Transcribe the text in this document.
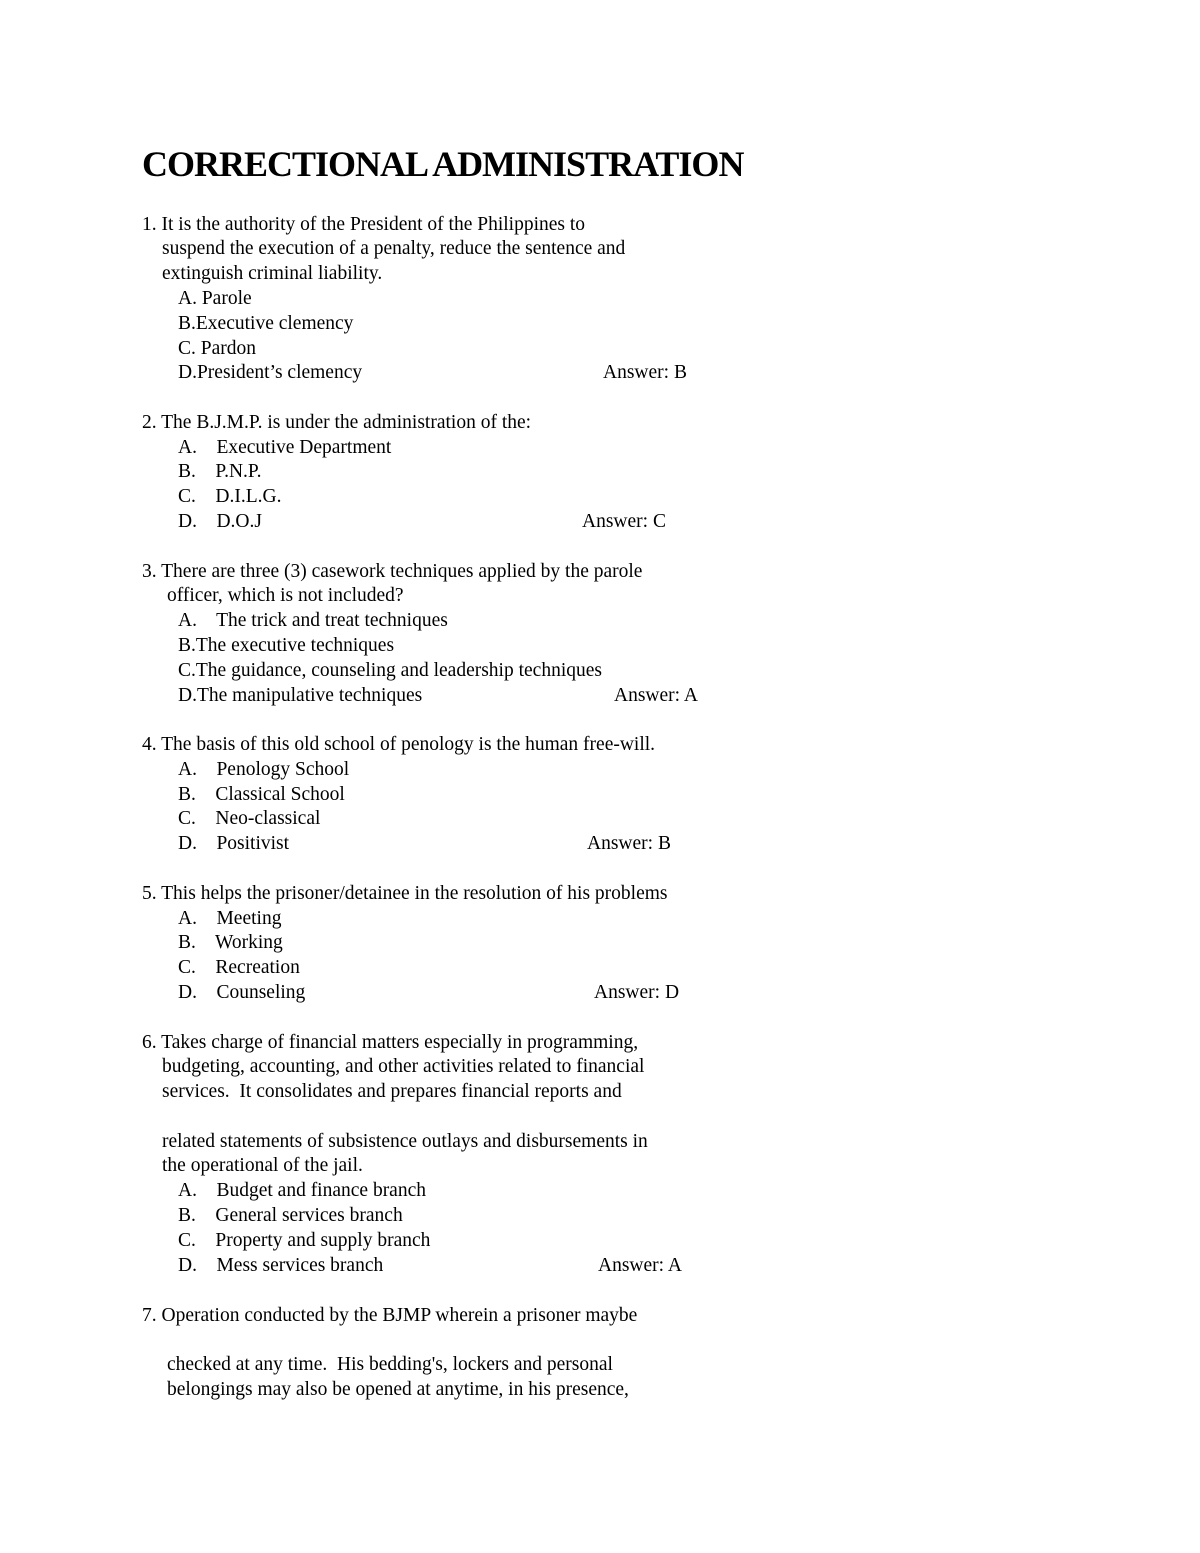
CORRECTIONAL ADMINISTRATION
1. It is the authority of the President of the Philippines to
suspend the execution of a penalty, reduce the sentence and
extinguish criminal liability.
A. Parole
B.Executive clemency
C. Pardon
D.President’s clemency	Answer: B
2. The B.J.M.P. is under the administration of the:
A.    Executive Department
B.    P.N.P.
C.    D.I.L.G.
D.    D.O.J	Answer: C
3. There are three (3) casework techniques applied by the parole
officer, which is not included?
A.    The trick and treat techniques
B.The executive techniques
C.The guidance, counseling and leadership techniques
D.The manipulative techniques	Answer: A
4. The basis of this old school of penology is the human free-will.
A.    Penology School
B.    Classical School
C.    Neo-classical
D.    Positivist	Answer: B
5. This helps the prisoner/detainee in the resolution of his problems
A.    Meeting
B.    Working
C.    Recreation
D.    Counseling	Answer: D
6. Takes charge of financial matters especially in programming,
budgeting, accounting, and other activities related to financial
services.  It consolidates and prepares financial reports and
related statements of subsistence outlays and disbursements in
the operational of the jail.
A.    Budget and finance branch
B.    General services branch
C.    Property and supply branch
D.    Mess services branch	Answer: A
7. Operation conducted by the BJMP wherein a prisoner maybe
checked at any time.  His bedding's, lockers and personal
belongings may also be opened at anytime, in his presence,
